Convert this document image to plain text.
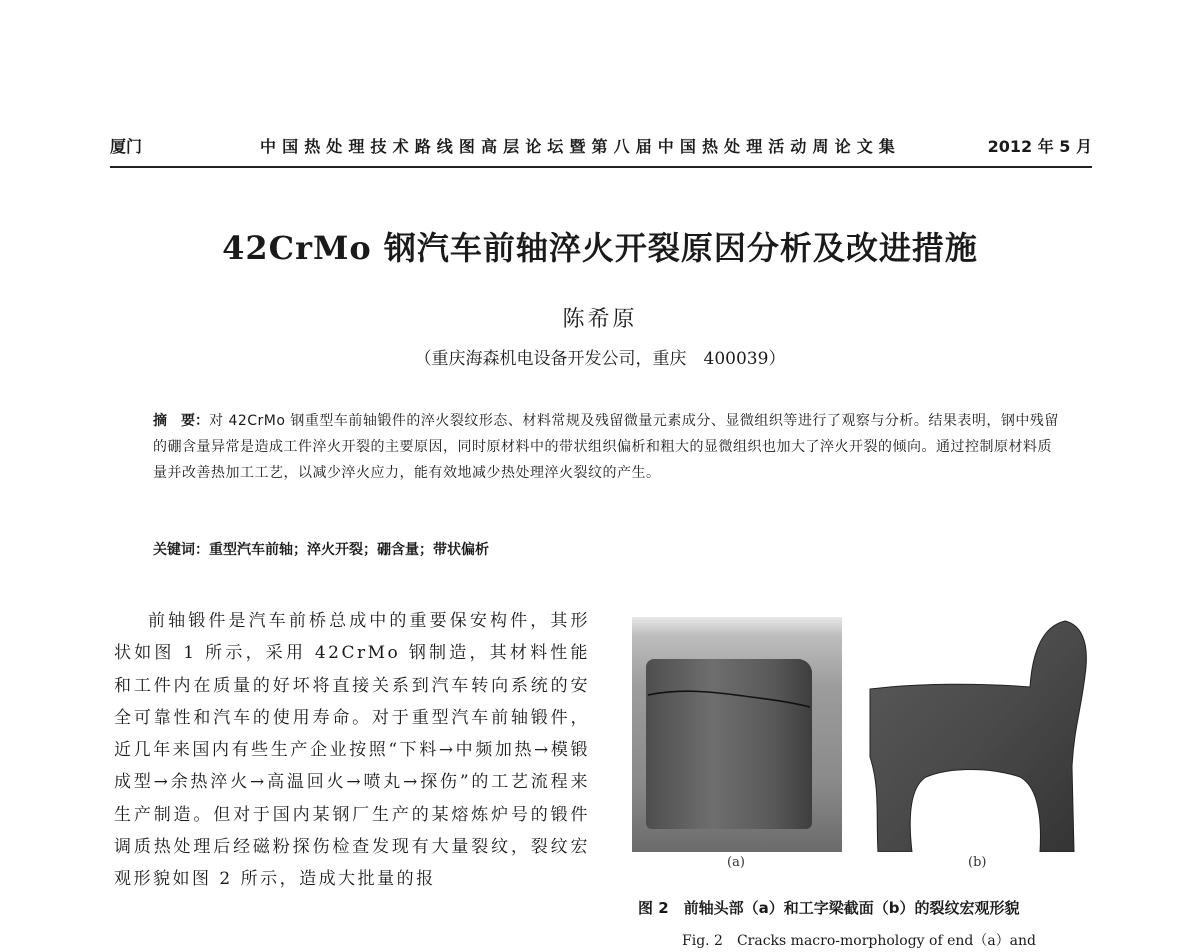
厦门	中国热处理技术路线图高层论坛暨第八届中国热处理活动周论文集	2012 年 5 月
42CrMo 钢汽车前轴淬火开裂原因分析及改进措施
陈希原
（重庆海森机电设备开发公司，重庆　400039）
摘　要：对 42CrMo 钢重型车前轴锻件的淬火裂纹形态、材料常规及残留微量元素成分、显微组织等进行了观察与分析。结果表明，钢中残留的硼含量异常是造成工件淬火开裂的主要原因，同时原材料中的带状组织偏析和粗大的显微组织也加大了淬火开裂的倾向。通过控制原材料质量并改善热加工工艺，以减少淬火应力，能有效地减少热处理淬火裂纹的产生。
关键词：重型汽车前轴；淬火开裂；硼含量；带状偏析
前轴锻件是汽车前桥总成中的重要保安构件，其形状如图 1 所示，采用 42CrMo 钢制造，其材料性能和工件内在质量的好坏将直接关系到汽车转向系统的安全可靠性和汽车的使用寿命。对于重型汽车前轴锻件，近几年来国内有些生产企业按照“下料→中频加热→模锻成型→余热淬火→高温回火→喷丸→探伤”的工艺流程来生产制造。但对于国内某钢厂生产的某熔炼炉号的锻件调质热处理后经磁粉探伤检查发现有大量裂纹，裂纹宏观形貌如图 2 所示，造成大批量的报
(a)	(b)
图 2　前轴头部（a）和工字梁截面（b）的裂纹宏观形貌
Fig. 2　Cracks macro-morphology of end（a）and
